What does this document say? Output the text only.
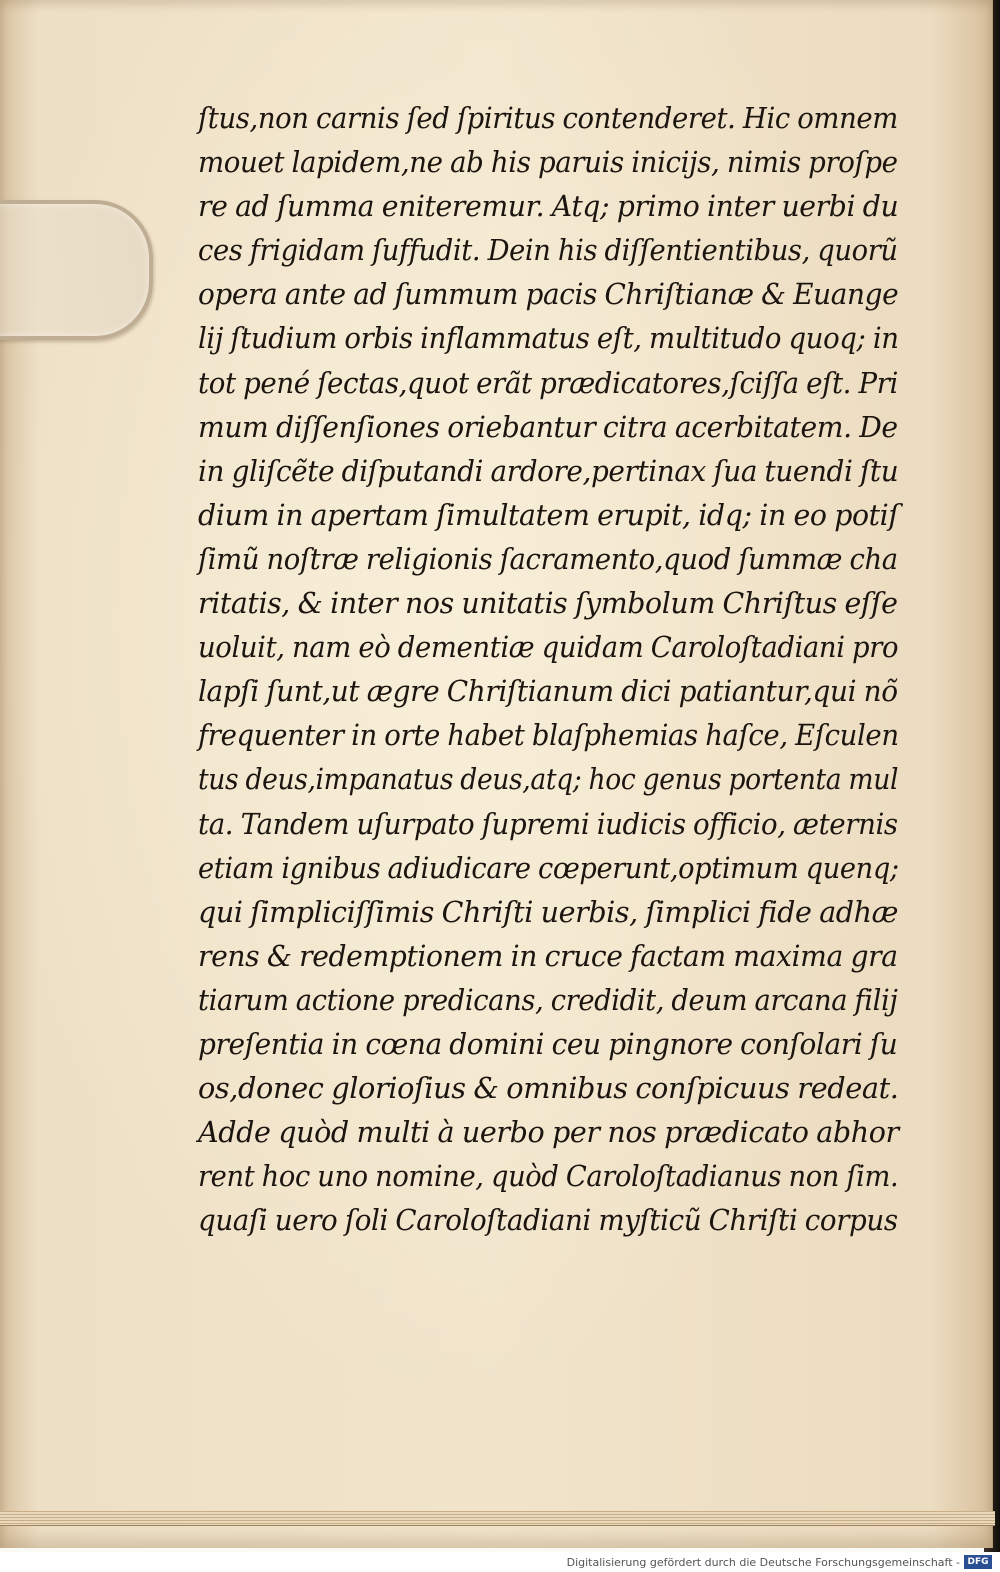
ſtus,non carnis ſed ſpiritus contenderet. Hic omnem
mouet lapidem,ne ab his paruis inicijs, nimis proſpe
re ad ſumma eniteremur. Atq; primo inter uerbi du
ces frigidam ſuffudit. Dein his diſſentientibus, quorũ
opera ante ad ſummum pacis Chriſtianæ & Euange
lij ſtudium orbis inflammatus eſt, multitudo quoq; in
tot pené ſectas,quot erãt prædicatores,ſciſſa eſt. Pri
mum diſſenſiones oriebantur citra acerbitatem. De
in gliſcẽte diſputandi ardore,pertinax ſua tuendi ſtu
dium in apertam ſimultatem erupit, idq; in eo potiſ
ſimũ noſtræ religionis ſacramento,quod ſummæ cha
ritatis, & inter nos unitatis ſymbolum Chriſtus eſſe
uoluit, nam eò dementiæ quidam Caroloſtadiani pro
lapſi ſunt,ut ægre Chriſtianum dici patiantur,qui nõ
frequenter in orte habet blaſphemias haſce, Eſculen
tus deus,impanatus deus,atq; hoc genus portenta mul
ta. Tandem uſurpato ſupremi iudicis officio, æternis
etiam ignibus adiudicare cœperunt,optimum quenq;
qui ſimpliciſſimis Chriſti uerbis, ſimplici fide adhæ
rens & redemptionem in cruce factam maxima gra
tiarum actione predicans, credidit, deum arcana filij
preſentia in cœna domini ceu pingnore conſolari ſu
os,donec glorioſius & omnibus conſpicuus redeat.
Adde quòd multi à uerbo per nos prædicato abhor
rent hoc uno nomine, quòd Caroloſtadianus non ſim.
quaſi uero ſoli Caroloſtadiani myſticũ Chriſti corpus
Digitalisierung gefördert durch die Deutsche Forschungsgemeinschaft - DFG
